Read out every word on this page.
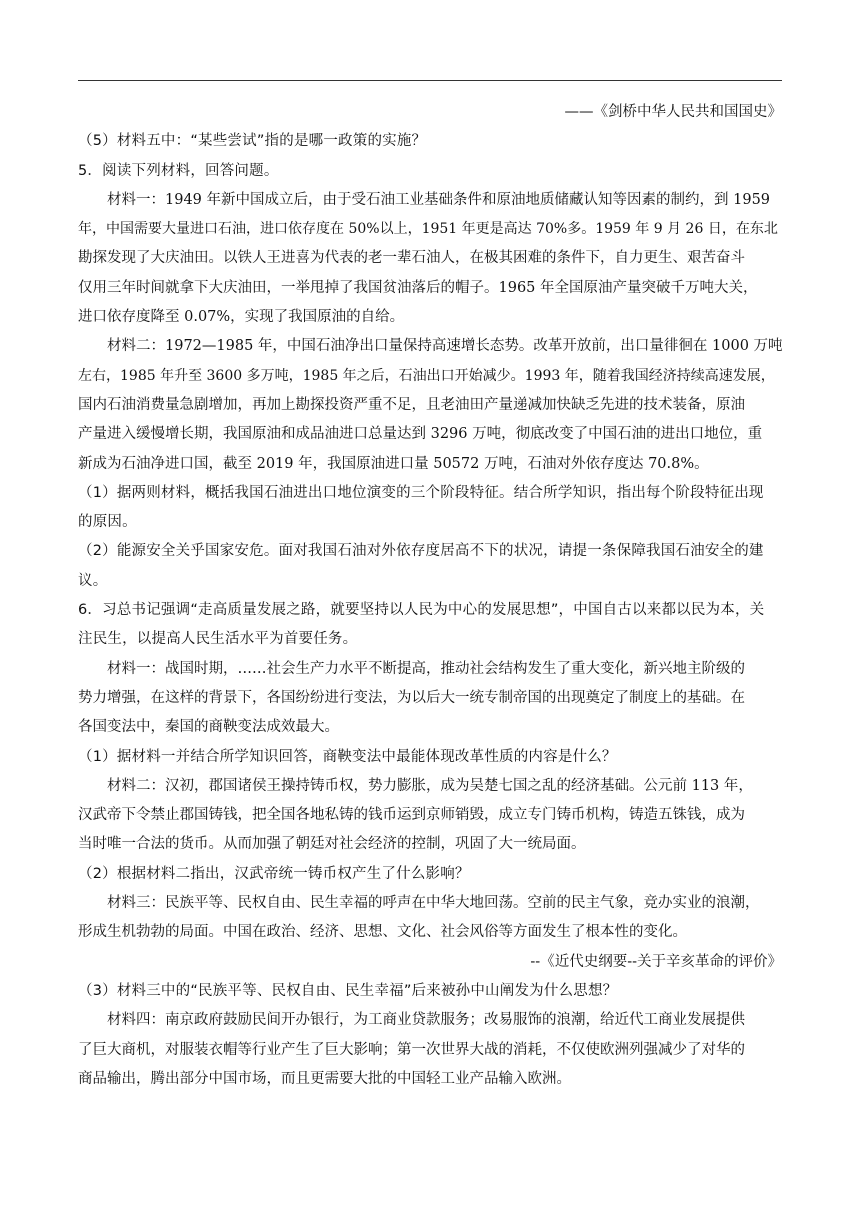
——《剑桥中华人民共和国国史》
（5）材料五中：“某些尝试”指的是哪一政策的实施？
5．阅读下列材料，回答问题。
材料一：1949 年新中国成立后，由于受石油工业基础条件和原油地质储藏认知等因素的制约，到 1959
年，中国需要大量进口石油，进口依存度在 50%以上，1951 年更是高达 70%多。1959 年 9 月 26 日，在东北
勘探发现了大庆油田。以铁人王进喜为代表的老一辈石油人，在极其困难的条件下，自力更生、艰苦奋斗
仅用三年时间就拿下大庆油田，一举甩掉了我国贫油落后的帽子。1965 年全国原油产量突破千万吨大关，
进口依存度降至 0.07%，实现了我国原油的自给。
材料二：1972—1985 年，中国石油净出口量保持高速增长态势。改革开放前，出口量徘徊在 1000 万吨
左右，1985 年升至 3600 多万吨，1985 年之后，石油出口开始减少。1993 年，随着我国经济持续高速发展，
国内石油消费量急剧增加，再加上勘探投资严重不足，且老油田产量递减加快缺乏先进的技术装备，原油
产量进入缓慢增长期，我国原油和成品油进口总量达到 3296 万吨，彻底改变了中国石油的进出口地位，重
新成为石油净进口国，截至 2019 年，我国原油进口量 50572 万吨，石油对外依存度达 70.8%。
（1）据两则材料，概括我国石油进出口地位演变的三个阶段特征。结合所学知识，指出每个阶段特征出现
的原因。
（2）能源安全关乎国家安危。面对我国石油对外依存度居高不下的状况，请提一条保障我国石油安全的建
议。
6．习总书记强调“走高质量发展之路，就要坚持以人民为中心的发展思想”，中国自古以来都以民为本，关
注民生，以提高人民生活水平为首要任务。
材料一：战国时期，……社会生产力水平不断提高，推动社会结构发生了重大变化，新兴地主阶级的
势力增强，在这样的背景下，各国纷纷进行变法，为以后大一统专制帝国的出现奠定了制度上的基础。在
各国变法中，秦国的商鞅变法成效最大。
（1）据材料一并结合所学知识回答，商鞅变法中最能体现改革性质的内容是什么？
材料二：汉初，郡国诸侯王操持铸币权，势力膨胀，成为吴楚七国之乱的经济基础。公元前 113 年，
汉武帝下令禁止郡国铸钱，把全国各地私铸的钱币运到京师销毁，成立专门铸币机构，铸造五铢钱，成为
当时唯一合法的货币。从而加强了朝廷对社会经济的控制，巩固了大一统局面。
（2）根据材料二指出，汉武帝统一铸币权产生了什么影响？
材料三：民族平等、民权自由、民生幸福的呼声在中华大地回荡。空前的民主气象，竞办实业的浪潮，
形成生机勃勃的局面。中国在政治、经济、思想、文化、社会风俗等方面发生了根本性的变化。
--《近代史纲要--关于辛亥革命的评价》
（3）材料三中的“民族平等、民权自由、民生幸福”后来被孙中山阐发为什么思想？
材料四：南京政府鼓励民间开办银行，为工商业贷款服务；改易服饰的浪潮，给近代工商业发展提供
了巨大商机，对服装衣帽等行业产生了巨大影响；第一次世界大战的消耗，不仅使欧洲列强减少了对华的
商品输出，腾出部分中国市场，而且更需要大批的中国轻工业产品输入欧洲。
